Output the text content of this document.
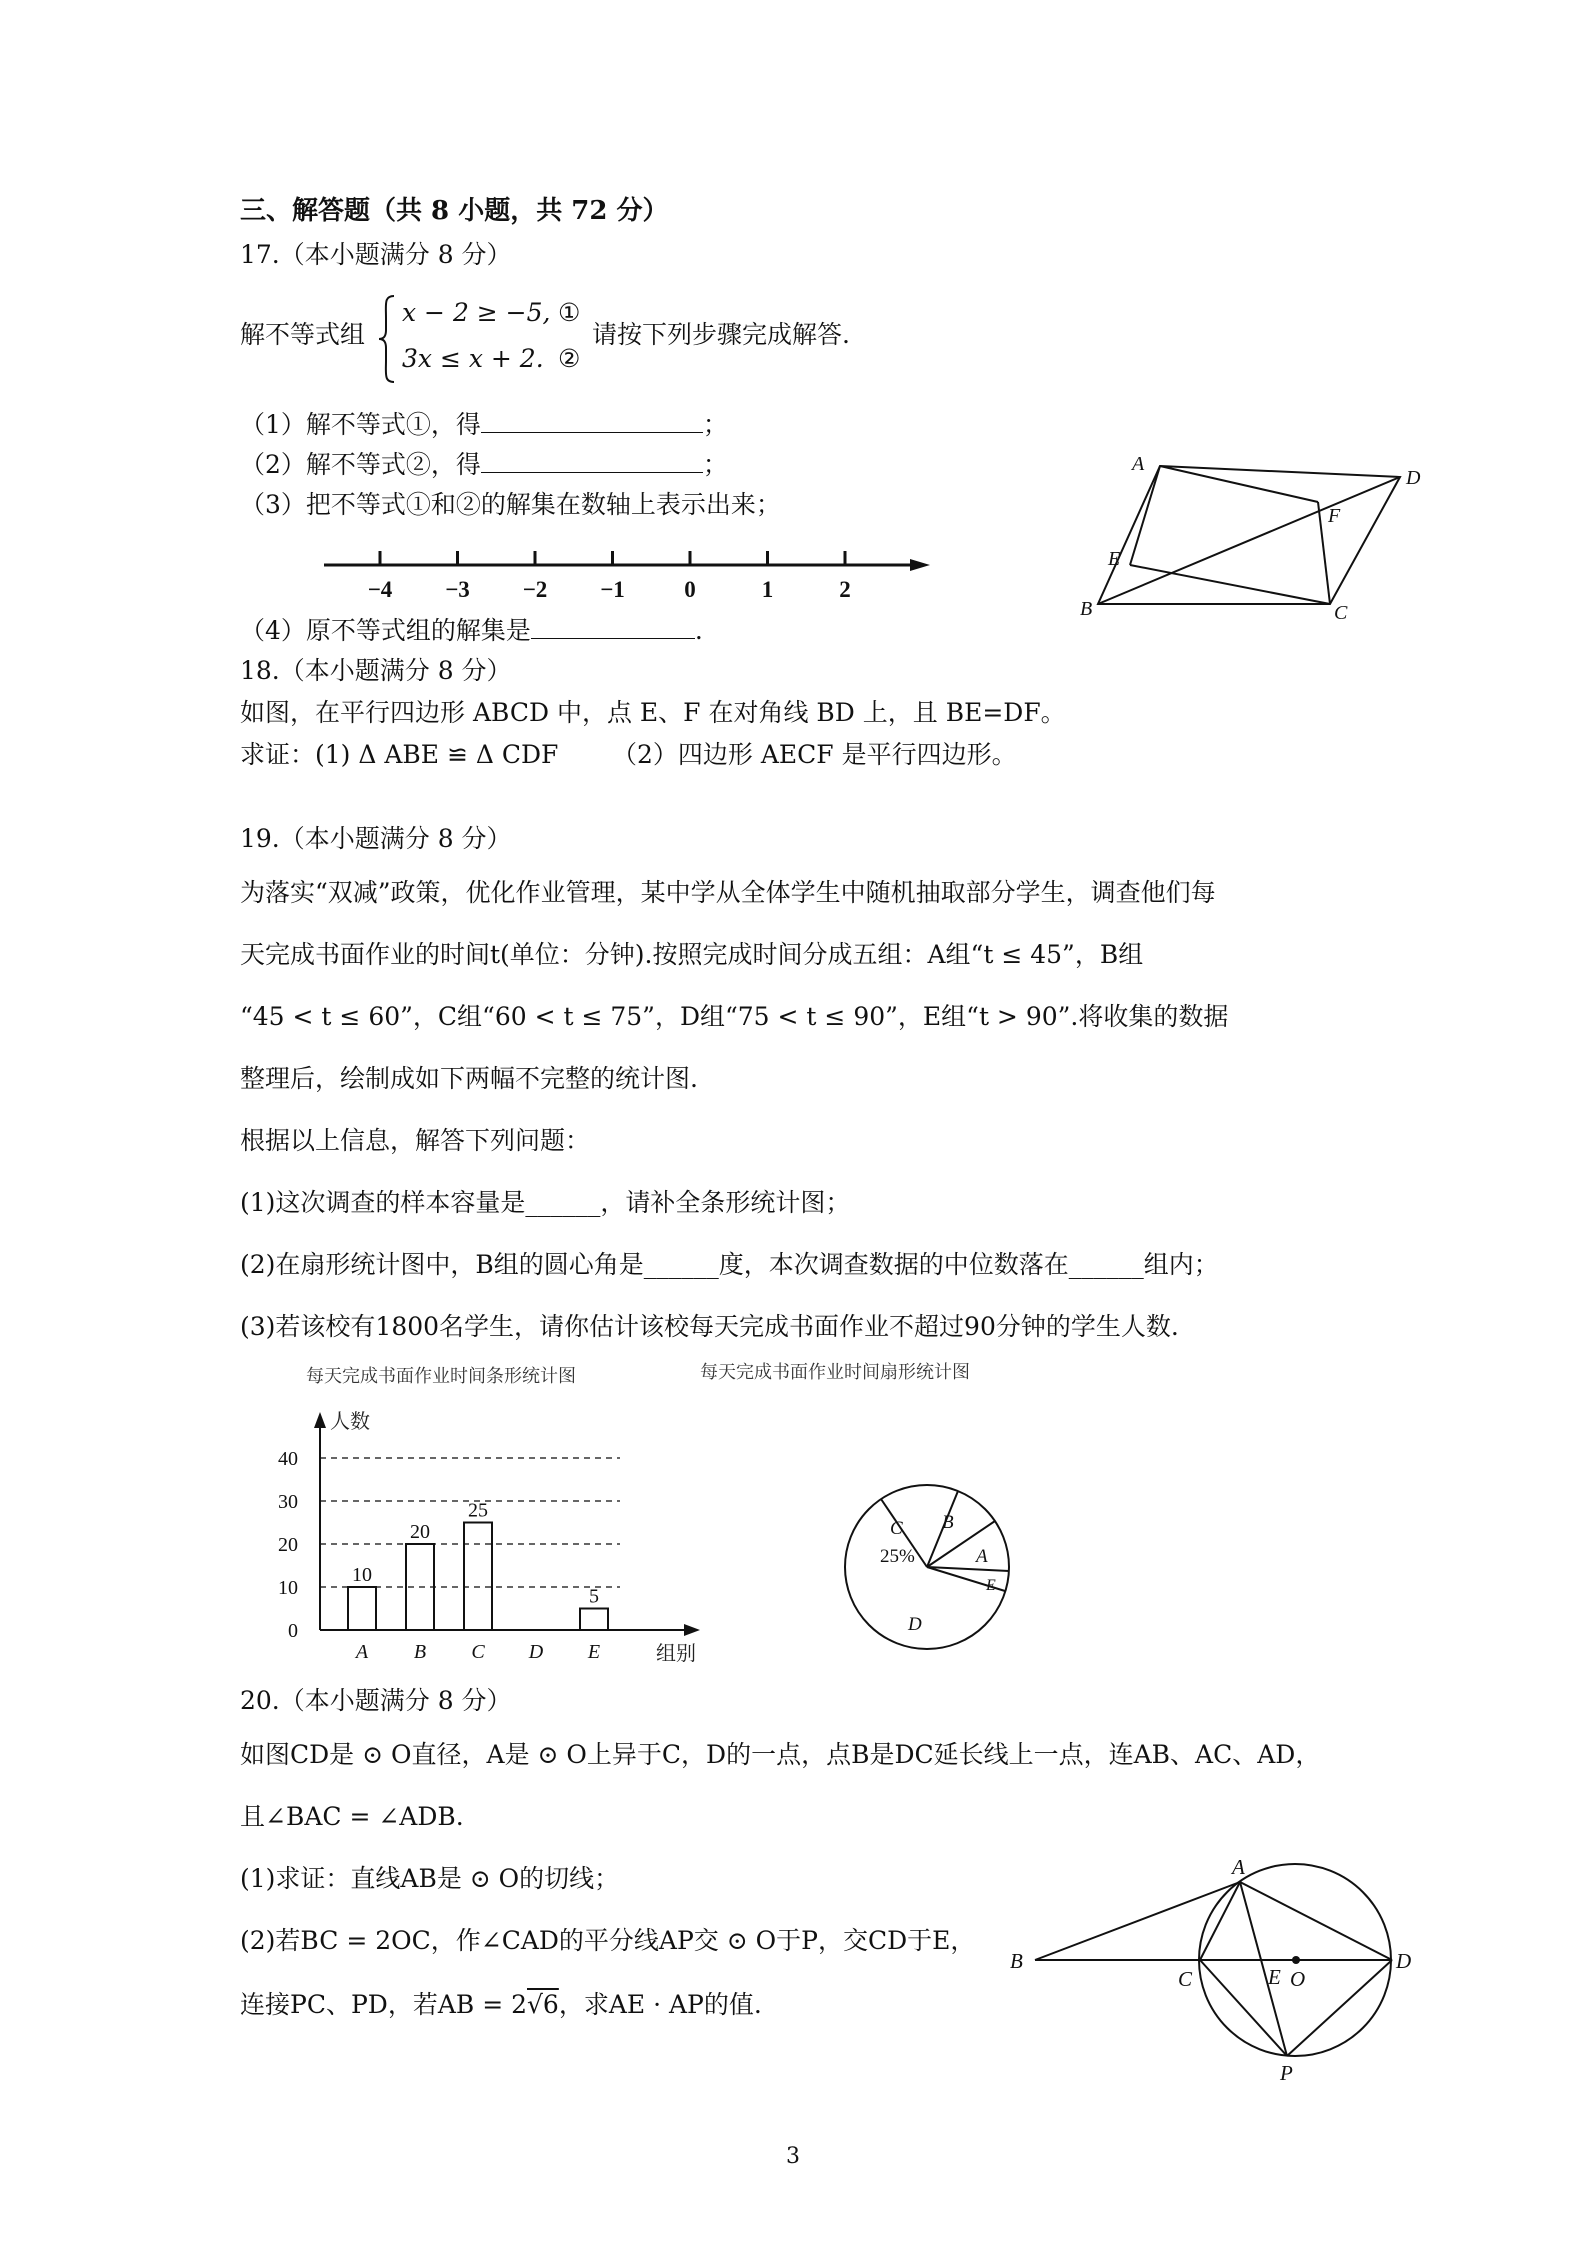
三、解答题（共 8 小题，共 72 分）
17.（本小题满分 8 分）
解不等式组
x − 2 ≥ −5,
3x ≤ x + 2.
①
②
请按下列步骤完成解答.
（1）解不等式①，得	；
（2）解不等式②，得	；
（3）把不等式①和②的解集在数轴上表示出来；
−4 −3 −2 −1	0	1	2
（4）原不等式组的解集是	.
A
D
F
E
B	C
18.（本小题满分 8 分）
如图，在平行四边形 ABCD 中，点 E、F 在对角线 BD 上，且 BE=DF。
求证：(1) Δ ABE ≌ Δ CDF （2）四边形 AECF 是平行四边形。
19.（本小题满分 8 分）
为落实“双减”政策，优化作业管理，某中学从全体学生中随机抽取部分学生，调查他们每
天完成书面作业的时间t(单位：分钟).按照完成时间分成五组：A组“t ≤ 45”，B组
“45 < t ≤ 60”，C组“60 < t ≤ 75”，D组“75 < t ≤ 90”，E组“t > 90”.将收集的数据
整理后，绘制成如下两幅不完整的统计图.
根据以上信息，解答下列问题：
(1)这次调查的样本容量是______，请补全条形统计图；
(2)在扇形统计图中，B组的圆心角是______度，本次调查数据的中位数落在______组内；
(3)若该校有1800名学生，请你估计该校每天完成书面作业不超过90分钟的学生人数.
每天完成书面作业时间条形统计图	每天完成书面作业时间扇形统计图
0
10
20
30
40
10
20
25
5
A B C D E
人数
组别
C
25%
B
A
E
D
20.（本小题满分 8 分）
如图CD是 ⊙ O直径，A是 ⊙ O上异于C，D的一点，点B是DC延长线上一点，连AB、AC、AD，
且∠BAC = ∠ADB.
(1)求证：直线AB是 ⊙ O的切线；
(2)若BC = 2OC，作∠CAD的平分线AP交 ⊙ O于P，交CD于E，
连接PC、PD，若AB = 2√6，求AE · AP的值.
A
B
C	E O
D
P
3
